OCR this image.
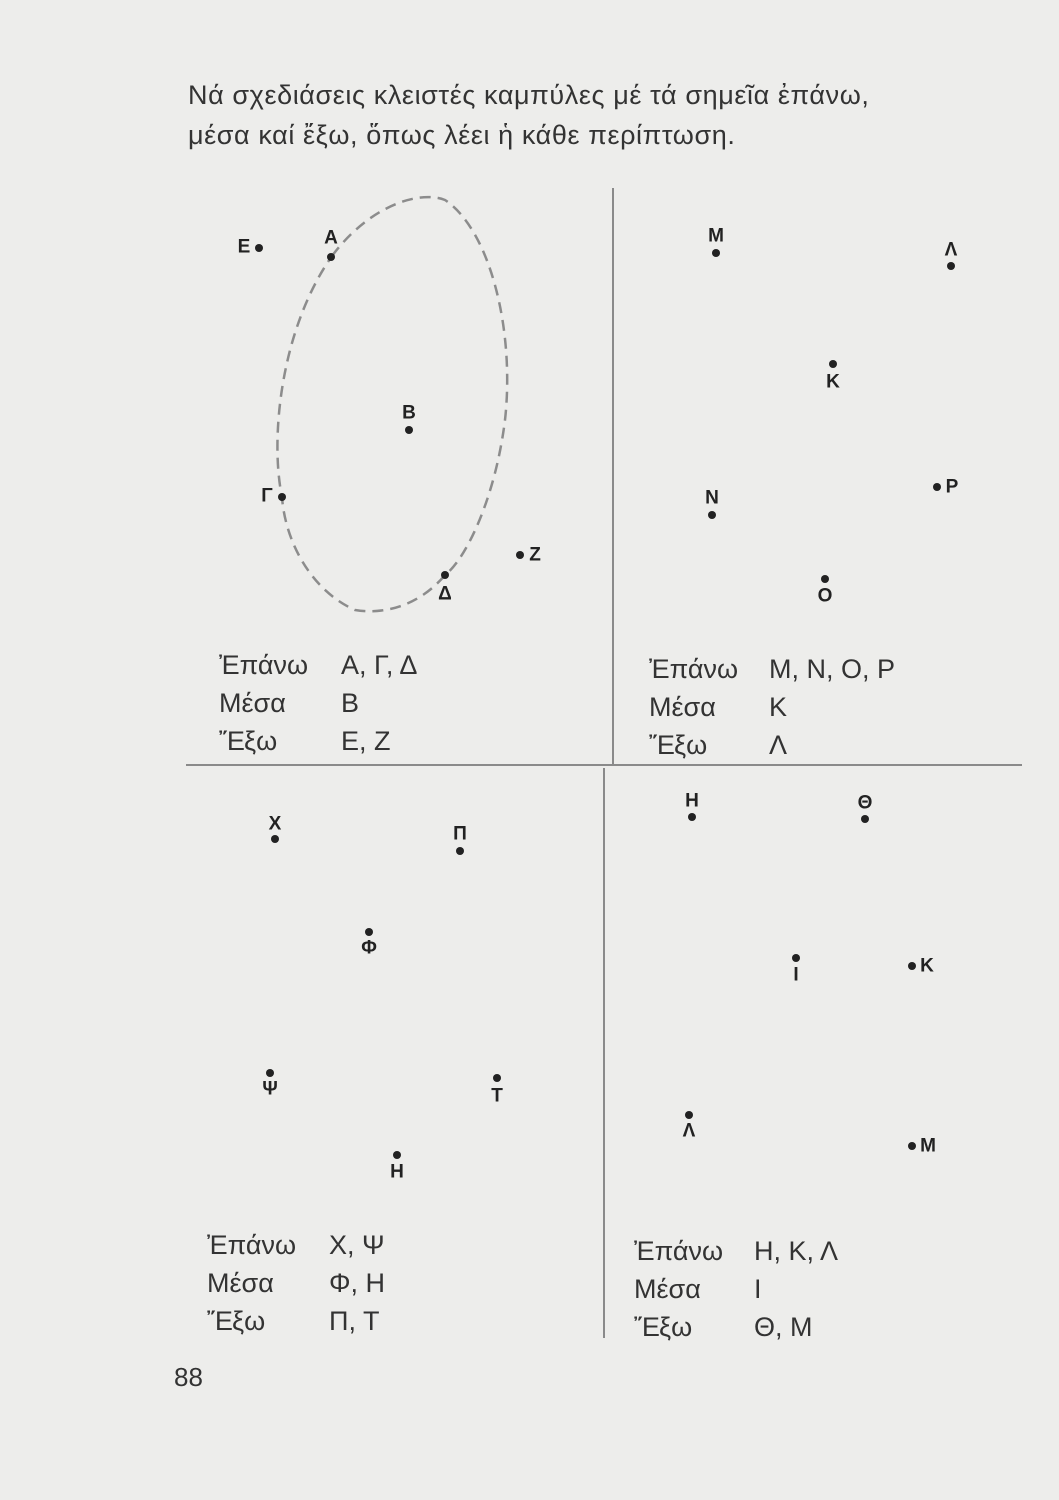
Νά σχεδιάσεις κλειστές καμπύλες μέ τά σημεῖα ἐπάνω,
μέσα καί ἔξω, ὅπως λέει ἡ κάθε περίπτωση.
Ε	Α
Β
Γ
Δ
Ζ
Ἐπάνω	Α, Γ, Δ
Μέσα	Β
Ἔξω	Ε, Ζ
Μ
Λ
Κ
Ν
Ρ
Ο
Ἐπάνω	Μ, Ν, Ο, Ρ
Μέσα	Κ
Ἔξω	Λ
Χ	Π
Φ
Ψ	Τ
Η
Ἐπάνω	Χ, Ψ
Μέσα	Φ, Η
Ἔξω	Π, Τ
Η	Θ
Ι	Κ
Λ
Μ
Ἐπάνω	Η, Κ, Λ
Μέσα	Ι
Ἔξω	Θ, Μ
88
